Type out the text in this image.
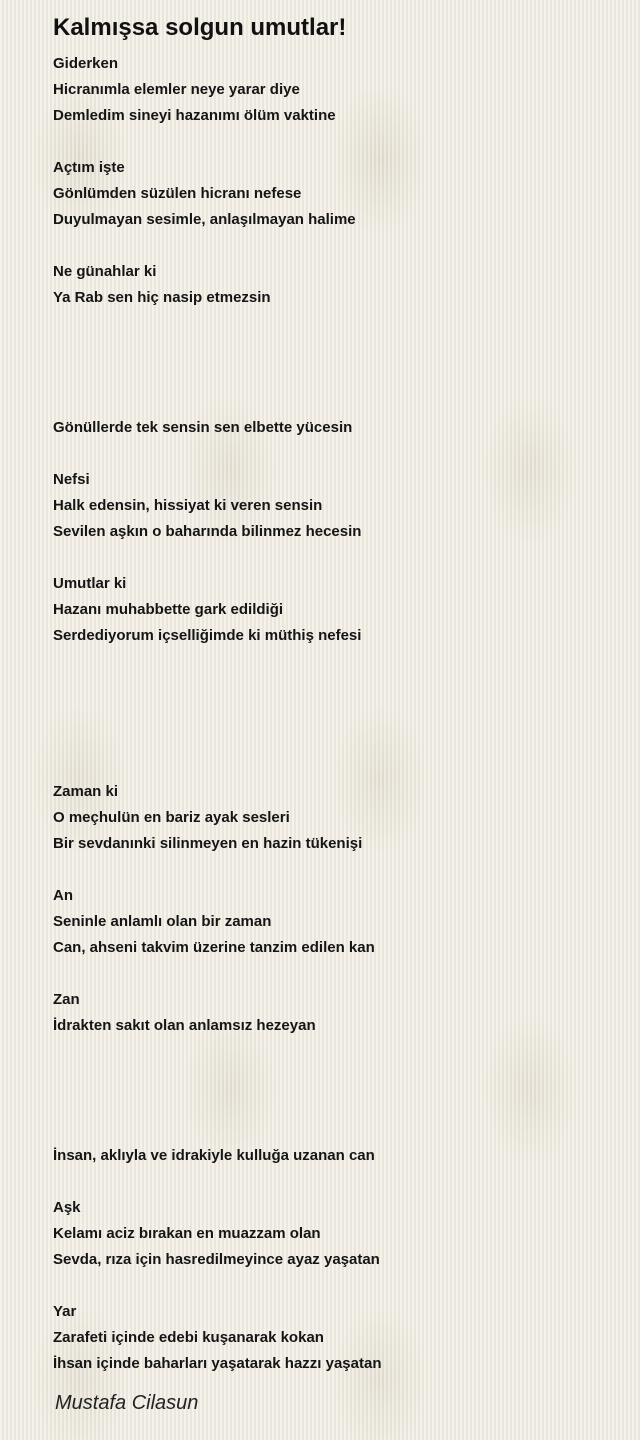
Kalmışsa solgun umutlar!
Giderken
Hicranımla elemler neye yarar diye
Demledim sineyi hazanımı ölüm vaktine
Açtım işte
Gönlümden süzülen hicranı nefese
Duyulmayan sesimle, anlaşılmayan halime
Ne günahlar ki
Ya Rab sen hiç nasip etmezsin
Gönüllerde tek sensin sen elbette yücesin
Nefsi
Halk edensin, hissiyat ki veren sensin
Sevilen aşkın o baharında bilinmez hecesin
Umutlar ki
Hazanı muhabbette gark edildiği
Serdediyorum içselliğimde ki müthiş nefesi
Zaman ki
O meçhulün en bariz ayak sesleri
Bir sevdanınki silinmeyen en hazin tükenişi
An
Seninle anlamlı olan bir zaman
Can, ahseni takvim üzerine tanzim edilen kan
Zan
İdrakten sakıt olan anlamsız hezeyan
İnsan, aklıyla ve idrakiyle kulluğa uzanan can
Aşk
Kelamı aciz bırakan en muazzam olan
Sevda, rıza için hasredilmeyince ayaz yaşatan
Yar
Zarafeti içinde edebi kuşanarak kokan
İhsan içinde baharları yaşatarak hazzı yaşatan
Mustafa Cilasun
